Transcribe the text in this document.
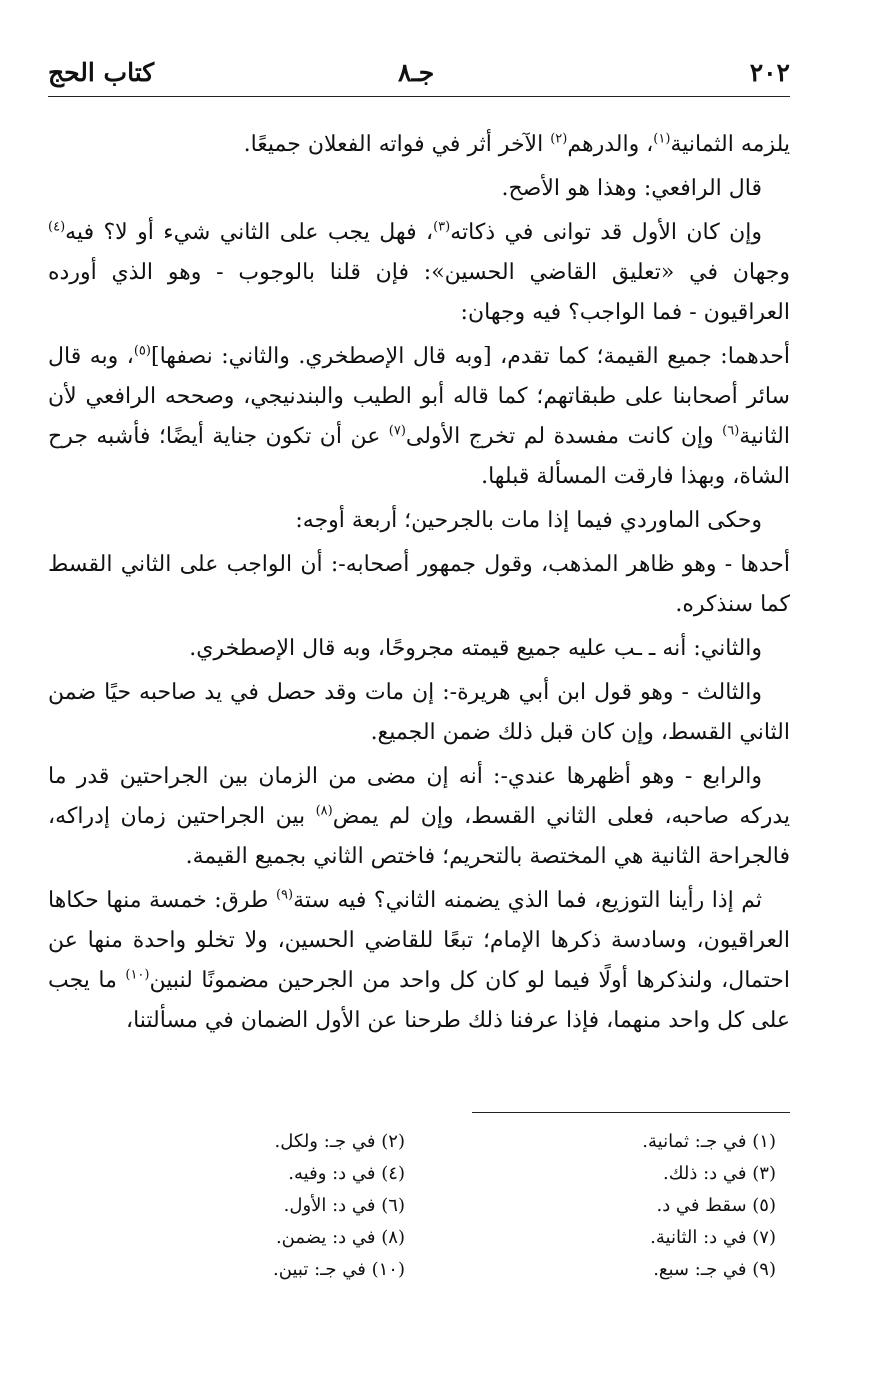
٢٠٢
جـ٨
كتاب الحج

يلزمه الثمانية$^{(١)}$، والدرهم$^{(٢)}$ الآخر أثر في فواته الفعلان جميعًا.

قال الرافعي: وهذا هو الأصح.

وإن كان الأول قد توانى في ذكاته$^{(٣)}$، فهل يجب على الثاني شيء أو لا؟ فيه$^{(٤)}$ وجهان في «تعليق القاضي الحسين»: فإن قلنا بالوجوب - وهو الذي أورده العراقيون - فما الواجب؟ فيه وجهان:

أحدهما: جميع القيمة؛ كما تقدم، [وبه قال الإصطخري. والثاني: نصفها]$^{(٥)}$، وبه قال سائر أصحابنا على طبقاتهم؛ كما قاله أبو الطيب والبندنيجي، وصححه الرافعي لأن الثانية$^{(٦)}$ وإن كانت مفسدة لم تخرج الأولى$^{(٧)}$ عن أن تكون جناية أيضًا؛ فأشبه جرح الشاة، وبهذا فارقت المسألة قبلها.

وحكى الماوردي فيما إذا مات بالجرحين؛ أربعة أوجه:

أحدها - وهو ظاهر المذهب، وقول جمهور أصحابه-: أن الواجب على الثاني القسط كما سنذكره.

والثاني: أنه ـ ـب عليه جميع قيمته مجروحًا، وبه قال الإصطخري.

والثالث - وهو قول ابن أبي هريرة-: إن مات وقد حصل في يد صاحبه حيًا ضمن الثاني القسط، وإن كان قبل ذلك ضمن الجميع.

والرابع - وهو أظهرها عندي-: أنه إن مضى من الزمان بين الجراحتين قدر ما يدركه صاحبه، فعلى الثاني القسط، وإن لم يمض$^{(٨)}$ بين الجراحتين زمان إدراكه، فالجراحة الثانية هي المختصة بالتحريم؛ فاختص الثاني بجميع القيمة.

ثم إذا رأينا التوزيع، فما الذي يضمنه الثاني؟ فيه ستة$^{(٩)}$ طرق: خمسة منها حكاها العراقيون، وسادسة ذكرها الإمام؛ تبعًا للقاضي الحسين، ولا تخلو واحدة منها عن احتمال، ولنذكرها أولًا فيما لو كان كل واحد من الجرحين مضمونًا لنبين$^{(١٠)}$ ما يجب على كل واحد منهما، فإذا عرفنا ذلك طرحنا عن الأول الضمان في مسألتنا،

(١) في جـ: ثمانية.
(٢) في جـ: ولكل.
(٣) في د: ذلك.
(٤) في د: وفيه.
(٥) سقط في د.
(٦) في د: الأول.
(٧) في د: الثانية.
(٨) في د: يضمن.
(٩) في جـ: سبع.
(١٠) في جـ: تبين.
